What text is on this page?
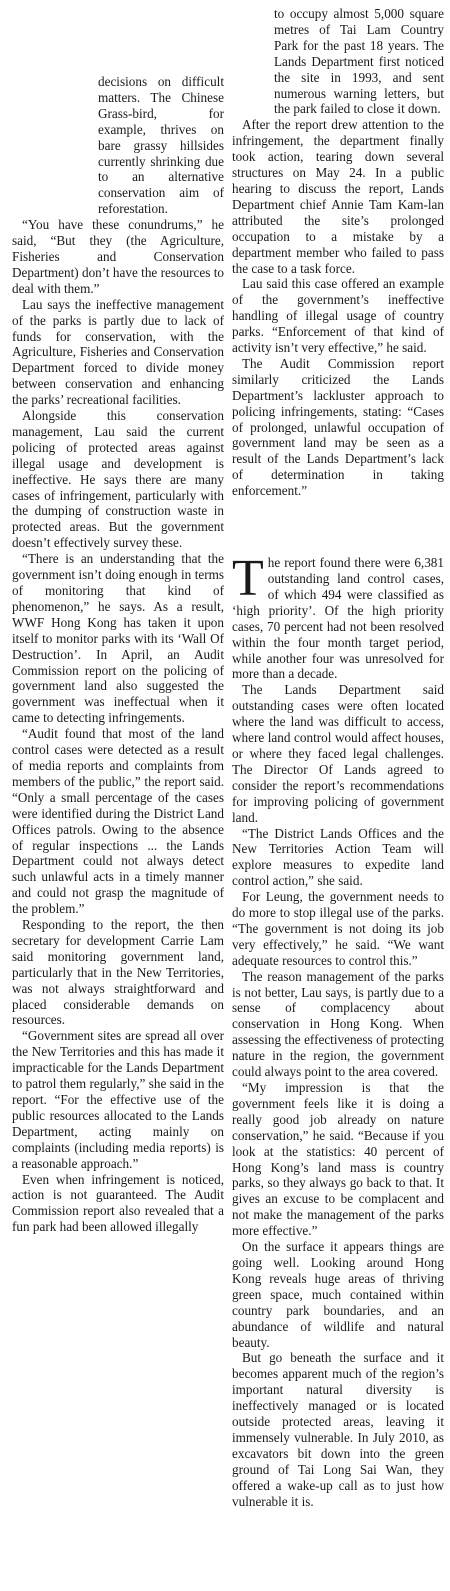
decisions on difficult matters. The Chinese Grass-bird, for example, thrives on bare grassy hillsides currently shrinking due to an alternative conservation aim of reforestation.

“You have these conundrums,” he said, “But they (the Agriculture, Fisheries and Conservation Department) don’t have the resources to deal with them.”

Lau says the ineffective management of the parks is partly due to lack of funds for conservation, with the Agriculture, Fisheries and Conservation Department forced to divide money between conservation and enhancing the parks’ recreational facilities.

Alongside this conservation management, Lau said the current policing of protected areas against illegal usage and development is ineffective. He says there are many cases of infringement, particularly with the dumping of construction waste in protected areas. But the government doesn’t effectively survey these.

“There is an understanding that the government isn’t doing enough in terms of monitoring that kind of phenomenon,” he says. As a result, WWF Hong Kong has taken it upon itself to monitor parks with its ‘Wall Of Destruction’. In April, an Audit Commission report on the policing of government land also suggested the government was ineffectual when it came to detecting infringements.

“Audit found that most of the land control cases were detected as a result of media reports and complaints from members of the public,” the report said. “Only a small percentage of the cases were identified during the District Land Offices patrols. Owing to the absence of regular inspections ... the Lands Department could not always detect such unlawful acts in a timely manner and could not grasp the magnitude of the problem.”

Responding to the report, the then secretary for development Carrie Lam said monitoring government land, particularly that in the New Territories, was not always straightforward and placed considerable demands on resources.

“Government sites are spread all over the New Territories and this has made it impracticable for the Lands Department to patrol them regularly,” she said in the report. “For the effective use of the public resources allocated to the Lands Department, acting mainly on complaints (including media reports) is a reasonable approach.”

Even when infringement is noticed, action is not guaranteed. The Audit Commission report also revealed that a fun park had been allowed illegally

to occupy almost 5,000 square metres of Tai Lam Country Park for the past 18 years. The Lands Department first noticed the site in 1993, and sent numerous warning letters, but the park failed to close it down.

After the report drew attention to the infringement, the department finally took action, tearing down several structures on May 24. In a public hearing to discuss the report, Lands Department chief Annie Tam Kam-lan attributed the site’s prolonged occupation to a mistake by a department member who failed to pass the case to a task force.

Lau said this case offered an example of the government’s ineffective handling of illegal usage of country parks. “Enforcement of that kind of activity isn’t very effective,” he said.

The Audit Commission report similarly criticized the Lands Department’s lackluster approach to policing infringements, stating: “Cases of prolonged, unlawful occupation of government land may be seen as a result of the Lands Department’s lack of determination in taking enforcement.”

The report found there were 6,381 outstanding land control cases, of which 494 were classified as ‘high priority’. Of the high priority cases, 70 percent had not been resolved within the four month target period, while another four was unresolved for more than a decade.

The Lands Department said outstanding cases were often located where the land was difficult to access, where land control would affect houses, or where they faced legal challenges. The Director Of Lands agreed to consider the report’s recommendations for improving policing of government land.

“The District Lands Offices and the New Territories Action Team will explore measures to expedite land control action,” she said.

For Leung, the government needs to do more to stop illegal use of the parks. “The government is not doing its job very effectively,” he said. “We want adequate resources to control this.”

The reason management of the parks is not better, Lau says, is partly due to a sense of complacency about conservation in Hong Kong. When assessing the effectiveness of protecting nature in the region, the government could always point to the area covered.

“My impression is that the government feels like it is doing a really good job already on nature conservation,” he said. “Because if you look at the statistics: 40 percent of Hong Kong’s land mass is country parks, so they always go back to that. It gives an excuse to be complacent and not make the management of the parks more effective.”

On the surface it appears things are going well. Looking around Hong Kong reveals huge areas of thriving green space, much contained within country park boundaries, and an abundance of wildlife and natural beauty.

But go beneath the surface and it becomes apparent much of the region’s important natural diversity is ineffectively managed or is located outside protected areas, leaving it immensely vulnerable. In July 2010, as excavators bit down into the green ground of Tai Long Sai Wan, they offered a wake-up call as to just how vulnerable it is.
